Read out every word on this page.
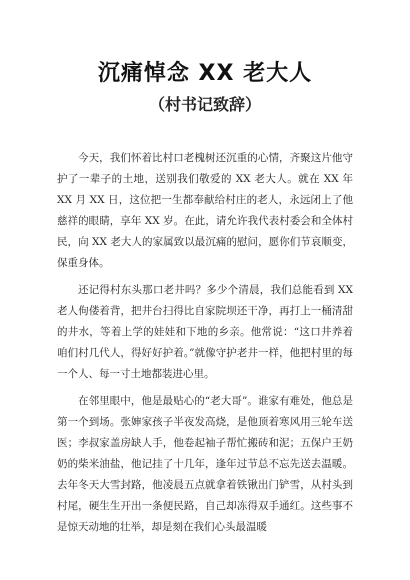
沉痛悼念 XX 老大人
（村书记致辞）

今天，我们怀着比村口老槐树还沉重的心情，齐聚这片他守护了一辈子的土地，送别我们敬爱的 XX 老大人。就在 XX 年 XX 月 XX 日，这位把一生都奉献给村庄的老人，永远闭上了他慈祥的眼睛，享年 XX 岁。在此，请允许我代表村委会和全体村民，向 XX 老大人的家属致以最沉痛的慰问，愿你们节哀顺变，保重身体。

还记得村东头那口老井吗？多少个清晨，我们总能看到 XX 老人佝偻着背，把井台扫得比自家院坝还干净，再打上一桶清甜的井水，等着上学的娃娃和下地的乡亲。他常说：“这口井养着咱们村几代人，得好好护着。”就像守护老井一样，他把村里的每一个人、每一寸土地都装进心里。

在邻里眼中，他是最贴心的“老大哥”。谁家有难处，他总是第一个到场。张婶家孩子半夜发高烧，是他顶着寒风用三轮车送医；李叔家盖房缺人手，他卷起袖子帮忙搬砖和泥；五保户王奶奶的柴米油盐，他记挂了十几年，逢年过节总不忘先送去温暖。去年冬天大雪封路，他凌晨五点就拿着铁锹出门铲雪，从村头到村尾，硬生生开出一条便民路，自己却冻得双手通红。这些事不是惊天动地的壮举，却是刻在我们心头最温暖
